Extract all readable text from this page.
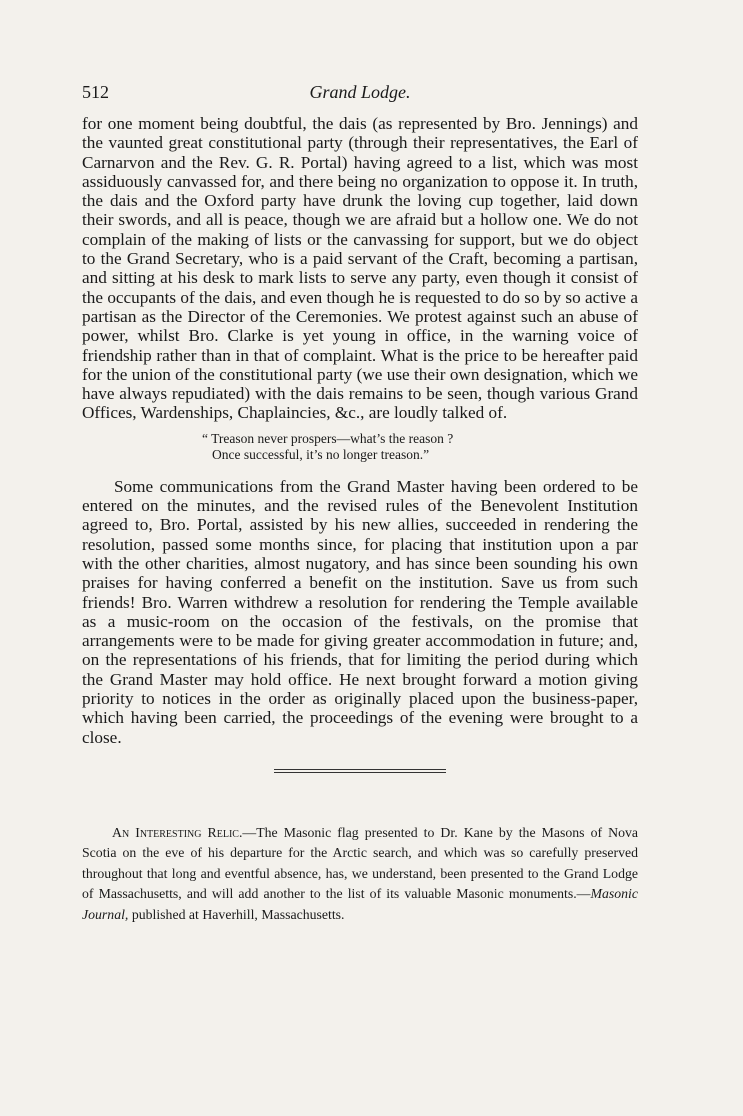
512	Grand Lodge.

for one moment being doubtful, the dais (as represented by Bro. Jennings) and the vaunted great constitutional party (through their representatives, the Earl of Carnarvon and the Rev. G. R. Portal) having agreed to a list, which was most assiduously canvassed for, and there being no organization to oppose it. In truth, the dais and the Oxford party have drunk the loving cup together, laid down their swords, and all is peace, though we are afraid but a hollow one. We do not complain of the making of lists or the canvassing for support, but we do object to the Grand Secretary, who is a paid servant of the Craft, becoming a partisan, and sitting at his desk to mark lists to serve any party, even though it consist of the occupants of the dais, and even though he is requested to do so by so active a partisan as the Director of the Ceremonies. We protest against such an abuse of power, whilst Bro. Clarke is yet young in office, in the warning voice of friendship rather than in that of complaint. What is the price to be hereafter paid for the union of the constitutional party (we use their own designation, which we have always repudiated) with the dais remains to be seen, though various Grand Offices, Wardenships, Chaplaincies, &c., are loudly talked of.

“ Treason never prospers—what’s the reason ?
Once successful, it’s no longer treason.”

Some communications from the Grand Master having been ordered to be entered on the minutes, and the revised rules of the Benevolent Institution agreed to, Bro. Portal, assisted by his new allies, succeeded in rendering the resolution, passed some months since, for placing that institution upon a par with the other charities, almost nugatory, and has since been sounding his own praises for having conferred a benefit on the institution. Save us from such friends! Bro. Warren withdrew a resolution for rendering the Temple available as a music-room on the occasion of the festivals, on the promise that arrangements were to be made for giving greater accommodation in future; and, on the representations of his friends, that for limiting the period during which the Grand Master may hold office. He next brought forward a motion giving priority to notices in the order as originally placed upon the business-paper, which having been carried, the proceedings of the evening were brought to a close.

An Interesting Relic.—The Masonic flag presented to Dr. Kane by the Masons of Nova Scotia on the eve of his departure for the Arctic search, and which was so carefully preserved throughout that long and eventful absence, has, we understand, been presented to the Grand Lodge of Massachusetts, and will add another to the list of its valuable Masonic monuments.—Masonic Journal, published at Haverhill, Massachusetts.
